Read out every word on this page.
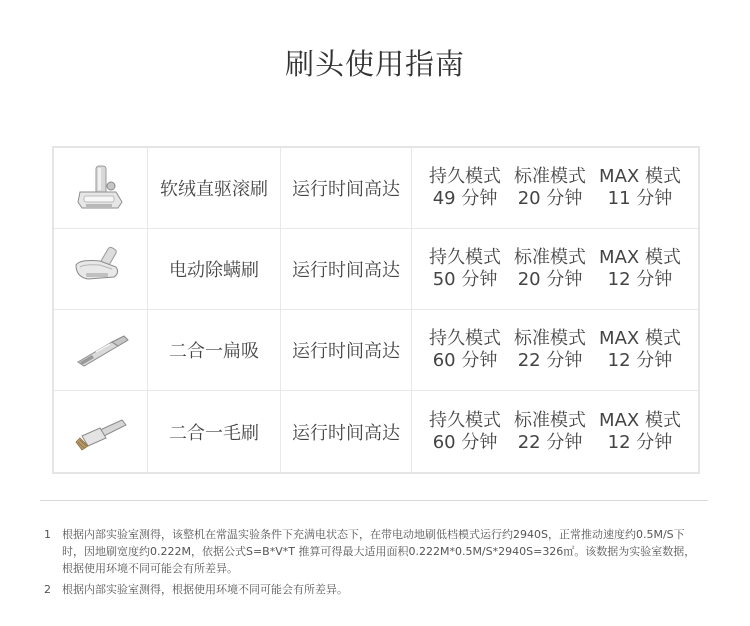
刷头使用指南
软绒直驱滚刷	运行时间高达
持久模式
49 分钟
标准模式
20 分钟
MAX 模式
11 分钟
电动除螨刷	运行时间高达
持久模式
50 分钟
标准模式
20 分钟
MAX 模式
12 分钟
二合一扁吸	运行时间高达
持久模式
60 分钟
标准模式
22 分钟
MAX 模式
12 分钟
二合一毛刷	运行时间高达
持久模式
60 分钟
标准模式
22 分钟
MAX 模式
12 分钟
1	根据内部实验室测得，该整机在常温实验条件下充满电状态下，在带电动地刷低档模式运行约2940S，正常推动速度约0.5M/S下时，因地刷宽度约0.222M，依据公式S=B*V*T 推算可得最大适用面积0.222M*0.5M/S*2940S=326㎡。该数据为实验室数据，根据使用环境不同可能会有所差异。
2	根据内部实验室测得，根据使用环境不同可能会有所差异。
